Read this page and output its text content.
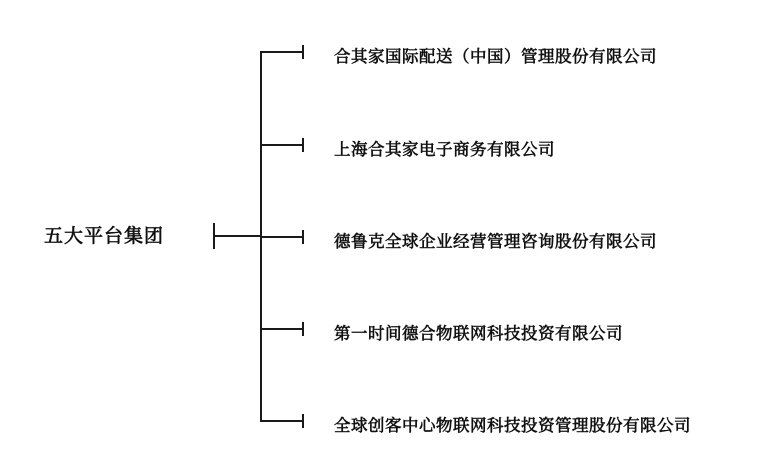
五大平台集团
合其家国际配送（中国）管理股份有限公司
上海合其家电子商务有限公司
德鲁克全球企业经营管理咨询股份有限公司
第一时间德合物联网科技投资有限公司
全球创客中心物联网科技投资管理股份有限公司
